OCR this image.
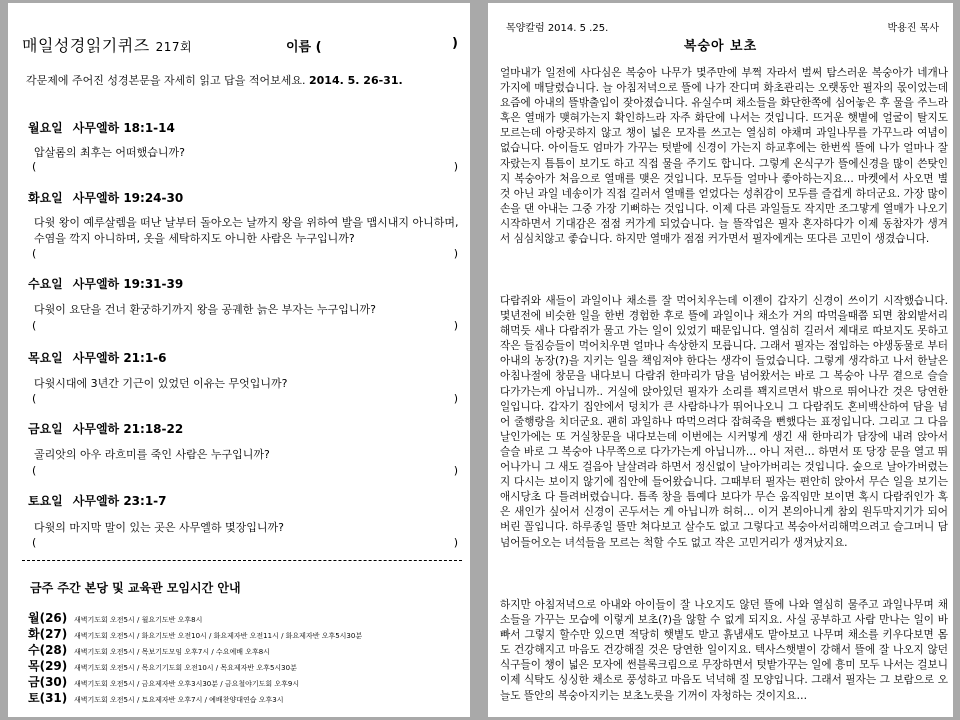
매일성경읽기퀴즈 217회	이름 (	)
각문제에 주어진 성경본문을 자세히 읽고 답을 적어보세요. 2014. 5. 26-31.
월요일 사무엘하 18:1-14
압살롬의 최후는 어떠했습니까?
(	)
화요일 사무엘하 19:24-30
다윗 왕이 예루살렘을 떠난 날부터 돌아오는 날까지 왕을 위하여 발을 맵시내지 아니하며, 수염을 깍지 아니하며, 옷을 세탁하지도 아니한 사람은 누구입니까?
(	)
수요일 사무엘하 19:31-39
다윗이 요단을 건너 환궁하기까지 왕을 공궤한 늙은 부자는 누구입니까?
(	)
목요일 사무엘하 21:1-6
다윗시대에 3년간 기근이 있었던 이유는 무엇입니까?
(	)
금요일 사무엘하 21:18-22
골리앗의 아우 라흐미를 죽인 사람은 누구입니까?
(	)
토요일 사무엘하 23:1-7
다윗의 마지막 말이 있는 곳은 사무엘하 몇장입니까?
(	)
금주 주간 본당 및 교육관 모임시간 안내
월(26) 새벽기도회 오전5시 / 월요기도반 오후8시
화(27) 새벽기도회 오전5시 / 화요기도반 오전10시 / 화요제자반 오전11시 / 화요제자반 오후5시30분
수(28) 새벽기도회 오전5시 / 목보기도모임 오후7시 / 수요예배 오후8시
목(29) 새벽기도회 오전5시 / 목요기기도회 오전10시 / 목요제자반 오후5시30분
금(30) 새벽기도회 오전5시 / 금요제자반 오후3시30분 / 금요철야기도회 오후9시
토(31) 새벽기도회 오전5시 / 토요제자반 오후7시 / 예배찬양대연습 오후3시
목양칼럼 2014. 5 .25.	박용진 목사
복숭아 보초

얼마내가 일전에 사다심은 복숭아 나무가 몇주만에 부쩍 자라서 벌써 탐스러운 복숭아가 네개나 가지에 매달렸습니다. 늘 아침저녁으로 뜰에 나가 잔디며 화초관리는 오랫동안 필자의 몫이었는데 요즘에 아내의 뜰밖출입이 잦아졌습니다. 유실수며 채소들을 화단한쪽에 심어놓은 후 물을 주느라 혹은 열매가 맺혀가는지 확인하느라 자주 화단에 나서는 것입니다. 뜨거운 햇볕에 얼굴이 탈지도 모르는데 아랑곳하지 않고 챙이 넓은 모자를 쓰고는 열심히 야채며 과일나무를 가꾸느라 여념이 없습니다. 아이들도 엄마가 가꾸는 텃밭에 신경이 가는지 하교후에는 한번씩 뜰에 나가 얼마나 잘 자랐는지 틈틈이 보기도 하고 직접 물을 주기도 합니다. 그렇게 온식구가 뜰에신경을 많이 쓴탓인지 복숭아가 처음으로 열매를 맺은 것입니다. 모두들 얼마나 좋아하는지요… 마켓에서 사오면 별것 아닌 과일 네송이가 직접 길러서 열매를 얻었다는 성취감이 모두를 즐겁게 하더군요. 가장 많이 손을 댄 아내는 그중 가장 기뻐하는 것입니다. 이제 다른 과일들도 작지만 조그맣게 열매가 나오기 시작하면서 기대감은 점점 커가게 되었습니다. 늘 뜰작업은 필자 혼자하다가 이제 동참자가 생겨서 심심치않고 좋습니다. 하지만 열매가 점점 커가면서 필자에게는 또다른 고민이 생겼습니다.

다람쥐와 새들이 과일이나 채소를 잘 먹어치우는데 이젠이 갑자기 신경이 쓰이기 시작했습니다. 몇년전에 비슷한 일을 한번 경험한 후로 뜰에 과일이나 채소가 거의 따먹을때쯤 되면 참외밭서리해먹듯 새나 다람쥐가 물고 가는 일이 있었기 때문입니다. 열심히 길러서 제대로 따보지도 못하고 작은 들짐승들이 먹어치우면 얼마나 속상한지 모릅니다. 그래서 필자는 점입하는 야생동물로 부터 아내의 농장(?)을 지키는 일을 책임져야 한다는 생각이 들었습니다. 그렇게 생각하고 나서 한날은 아침나절에 창문을 내다보니 다람쥐 한마리가 담을 넘어왔서는 바로 그 복숭아 나무 곁으로 슬슬 다가가는게 아닙니까.. 거실에 앉아있던 필자가 소리를 꽥지르면서 밖으로 뛰어나간 것은 당연한 일입니다. 갑자기 집안에서 덩치가 큰 사람하나가 뛰어나오니 그 다람쥐도 혼비백산하여 담을 넘어 줄행랑을 치더군요. 괜히 과일하나 따먹으려다 잡혀죽을 뻔했다는 표정입니다. 그리고 그 다음날인가에는 또 거실창문을 내다보는데 이번에는 시커멓게 생긴 새 한마리가 담장에 내려 앉아서 슬슬 바로 그 복숭아 나무쪽으로 다가가는게 아닙니까… 아니 저런… 하면서 또 당장 문을 열고 뛰어나가니 그 새도 걸음아 날살려라 하면서 정신없이 날아가버리는 것입니다. 숲으로 날아가버렸는지 다시는 보이지 않기에 집안에 들어왔습니다. 그때부터 필자는 편안히 앉아서 무슨 일을 보기는 애시당초 다 틀려버렸습니다. 틈족 창을 틈예다 보다가 무슨 움직임만 보이면 혹시 다람쥐인가 혹은 새인가 싶어서 신경이 곤두서는 게 아닙니까 허허… 이거 본의아니게 참외 원두막지기가 되어버린 꼴입니다. 하루종일 뜰만 쳐다보고 살수도 없고 그렇다고 복숭아서리해먹으려고 슬그머니 담넘어들어오는 녀석들을 모르는 척할 수도 없고 작은 고민거리가 생겨났지요.

하지만 아침저녁으로 아내와 아이들이 잘 나오지도 않던 뜰에 나와 열심히 물주고 과일나무며 채소들을 가꾸는 모습에 이렇게 보초(?)을 않할 수 없게 되지요. 사실 공부하고 사람 만나는 일이 바빠서 그렇지 할수만 있으면 적당히 햇볕도 받고 흙냄새도 맡아보고 나무며 채소를 키우다보면 몸도 건강해지고 마음도 건강해질 것은 당연한 일이지요. 텍사스햇볕이 강해서 뜰에 잘 나오지 않던 식구들이 챙이 넓은 모자에 썬블록크림으로 무장하면서 텃밭가꾸는 일에 흥미 모두 나서는 걸보니 이제 식탁도 싱싱한 채소로 풍성하고 마음도 넉넉해 질 모양입니다. 그래서 필자는 그 보람으로 오늘도 뜰안의 복숭아지키는 보초노릇을 기꺼이 자청하는 것이지요…
